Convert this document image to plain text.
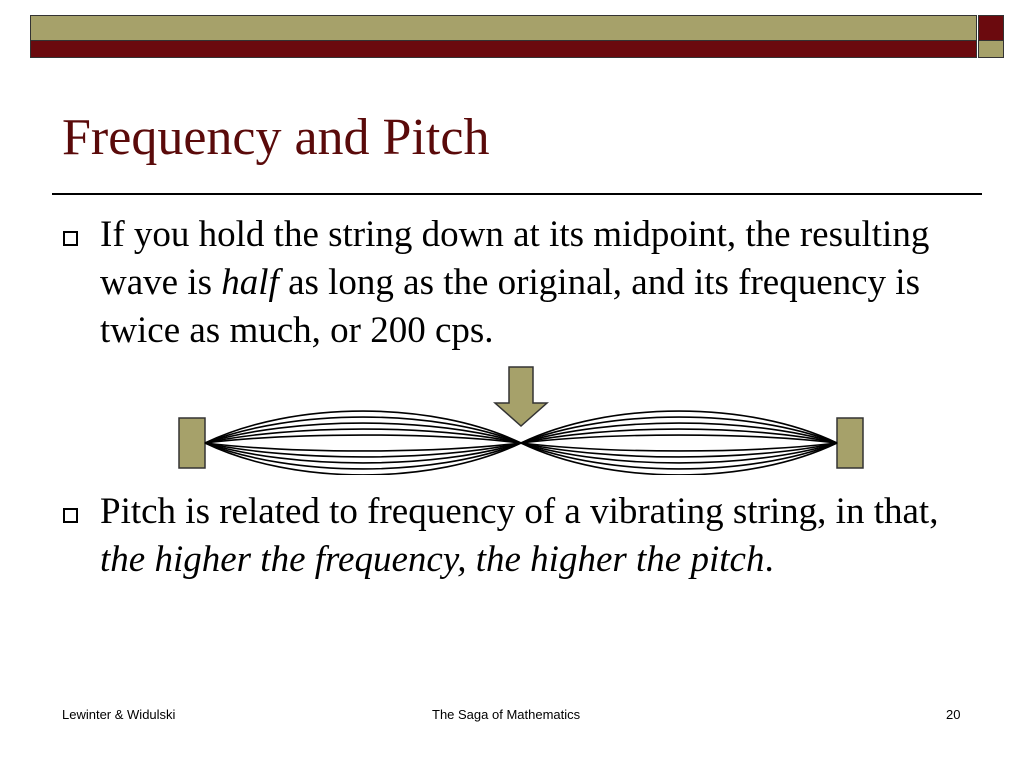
Frequency and Pitch
If you hold the string down at its midpoint, the resulting wave is half as long as the original, and its frequency is twice as much, or 200 cps.
Pitch is related to frequency of a vibrating string, in that, the higher the frequency, the higher the pitch.
Lewinter & Widulski	The Saga of Mathematics	20
